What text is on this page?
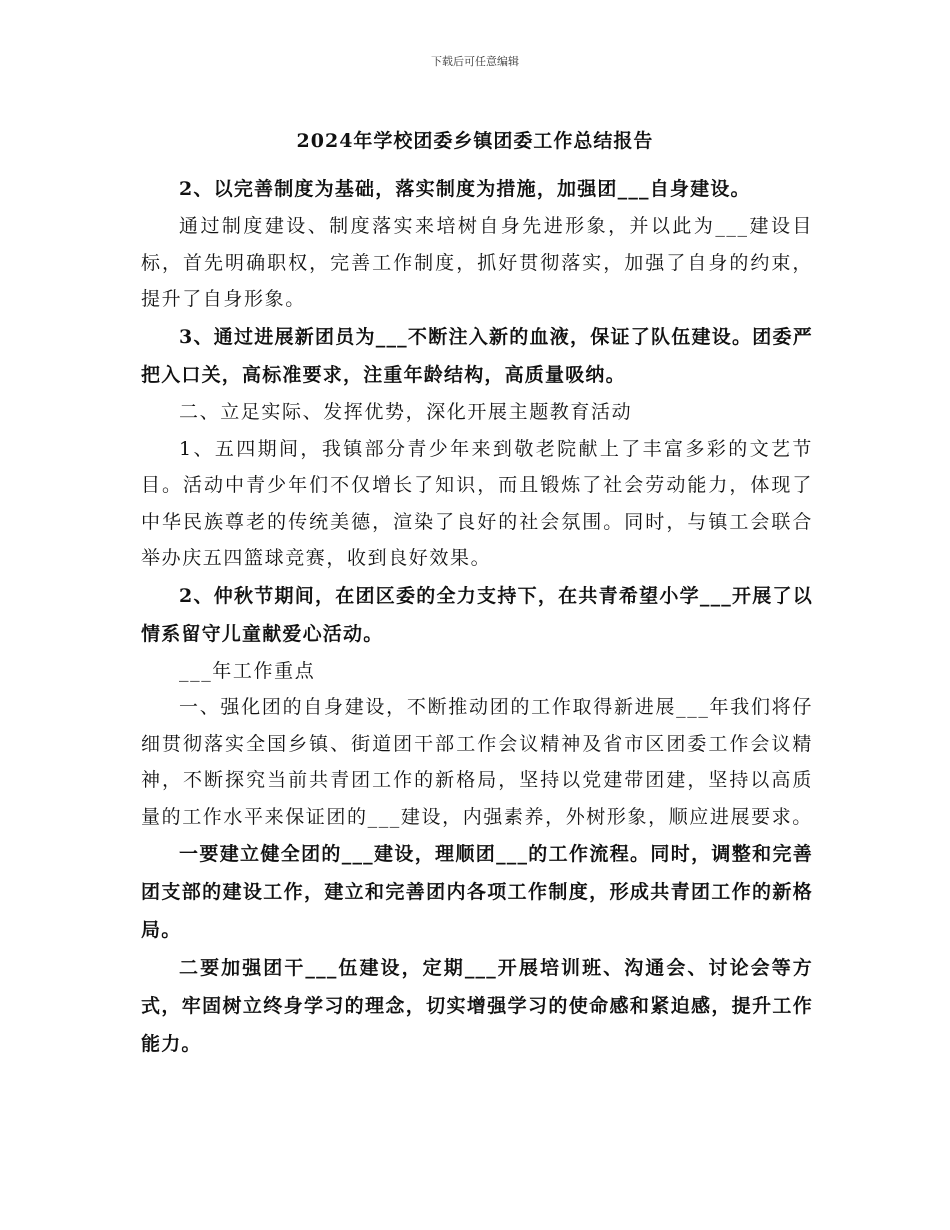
下载后可任意编辑
2024年学校团委乡镇团委工作总结报告

2、以完善制度为基础，落实制度为措施，加强团___自身建设。

通过制度建设、制度落实来培树自身先进形象，并以此为___建设目标，首先明确职权，完善工作制度，抓好贯彻落实，加强了自身的约束，提升了自身形象。

3、通过进展新团员为___不断注入新的血液，保证了队伍建设。团委严把入口关，高标准要求，注重年龄结构，高质量吸纳。

二、立足实际、发挥优势，深化开展主题教育活动

1、五四期间，我镇部分青少年来到敬老院献上了丰富多彩的文艺节目。活动中青少年们不仅增长了知识，而且锻炼了社会劳动能力，体现了中华民族尊老的传统美德，渲染了良好的社会氛围。同时，与镇工会联合举办庆五四篮球竞赛，收到良好效果。

2、仲秋节期间，在团区委的全力支持下，在共青希望小学___开展了以情系留守儿童献爱心活动。

___年工作重点

一、强化团的自身建设，不断推动团的工作取得新进展___年我们将仔细贯彻落实全国乡镇、街道团干部工作会议精神及省市区团委工作会议精神，不断探究当前共青团工作的新格局，坚持以党建带团建，坚持以高质量的工作水平来保证团的___建设，内强素养，外树形象，顺应进展要求。

一要建立健全团的___建设，理顺团___的工作流程。同时，调整和完善团支部的建设工作，建立和完善团内各项工作制度，形成共青团工作的新格局。

二要加强团干___伍建设，定期___开展培训班、沟通会、讨论会等方式，牢固树立终身学习的理念，切实增强学习的使命感和紧迫感，提升工作能力。
